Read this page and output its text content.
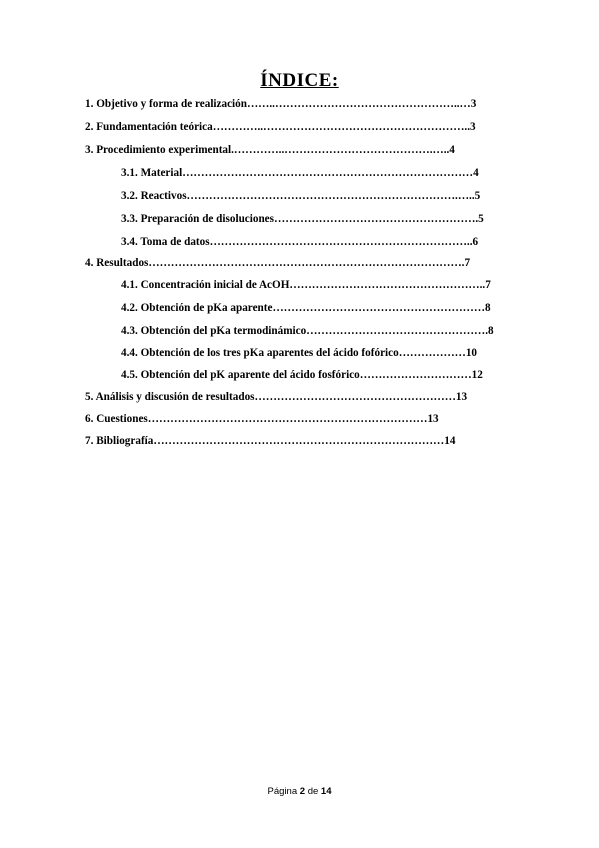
ÍNDICE:
1. Objetivo y forma de realización……..…………………………………………..…3
2. Fundamentación teórica…………..………………………………………………..3
3. Procedimiento experimental.…………..………………………………….…..4
3.1. Material……………………………………………………………………4
3.2. Reactivos……………………………………………………………….…..5
3.3. Preparación de disoluciones……………………………………………….5
3.4. Toma de datos……………………………………………………………..6
4. Resultados………………………………………………………………………….7
4.1. Concentración inicial de AcOH……………………………………………..7
4.2. Obtención de pKa aparente…………………………………………………8
4.3. Obtención del pKa termodinámico………………………………………….8
4.4. Obtención de los tres pKa aparentes del ácido fofórico………………10
4.5. Obtención del pK aparente del ácido fosfórico…………………………12
5. Análisis y discusión de resultados………………………………………………13
6. Cuestiones…………………………………………………………………13
7. Bibliografía……………………………………………………………………14
Página 2 de 14
